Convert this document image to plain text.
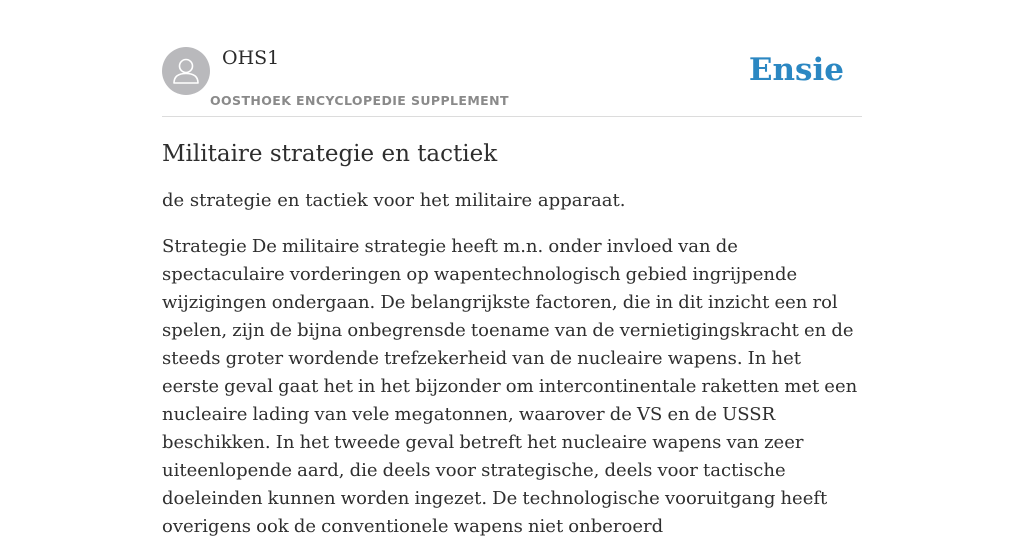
OHS1

OOSTHOEK ENCYCLOPEDIE SUPPLEMENT
Ensie
Militaire strategie en tactiek

de strategie en tactiek voor het militaire apparaat.

Strategie De militaire strategie heeft m.n. onder invloed van de spectaculaire vorderingen op wapentechnologisch gebied ingrijpende wijzigingen ondergaan. De belangrijkste factoren, die in dit inzicht een rol spelen, zijn de bijna onbegrensde toename van de vernietigingskracht en de steeds groter wordende trefzekerheid van de nucleaire wapens. In het eerste geval gaat het in het bijzonder om intercontinentale raketten met een nucleaire lading van vele megatonnen, waarover de VS en de USSR beschikken. In het tweede geval betreft het nucleaire wapens van zeer uiteenlopende aard, die deels voor strategische, deels voor tactische doeleinden kunnen worden ingezet. De technologische vooruitgang heeft overigens ook de conventionele wapens niet onberoerd
